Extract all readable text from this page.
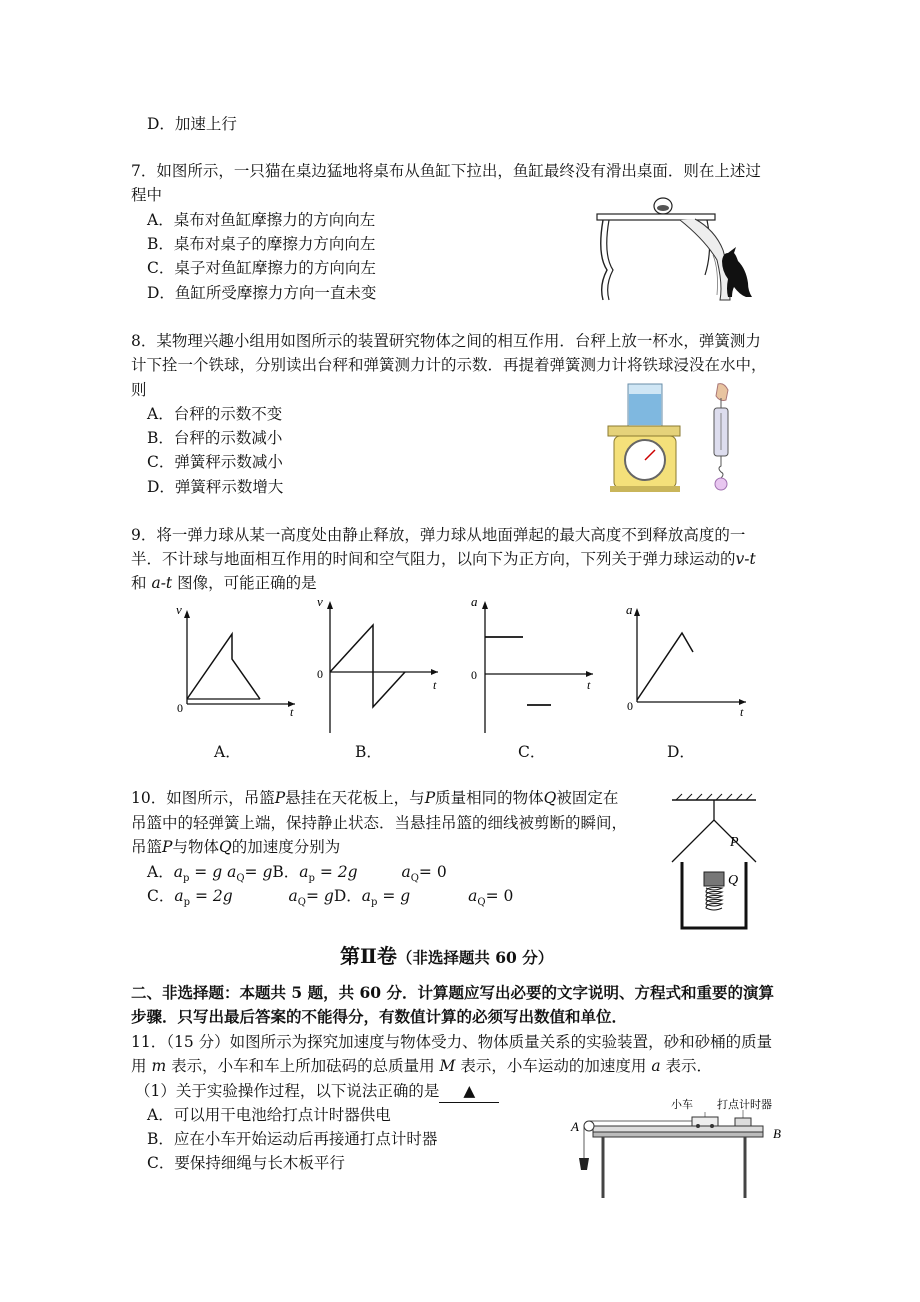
D．加速上行
7．如图所示，一只猫在桌边猛地将桌布从鱼缸下拉出，鱼缸最终没有滑出桌面．则在上述过
程中
A．桌布对鱼缸摩擦力的方向向左
B．桌布对桌子的摩擦力方向向左
C．桌子对鱼缸摩擦力的方向向左
D．鱼缸所受摩擦力方向一直未变
8．某物理兴趣小组用如图所示的装置研究物体之间的相互作用．台秤上放一杯水，弹簧测力
计下拴一个铁球，分别读出台秤和弹簧测力计的示数．再提着弹簧测力计将铁球浸没在水中，
则
A．台秤的示数不变
B．台秤的示数减小
C．弹簧秤示数减小
D．弹簧秤示数增大
9．将一弹力球从某一高度处由静止释放，弹力球从地面弹起的最大高度不到释放高度的一
半．不计球与地面相互作用的时间和空气阻力，以向下为正方向，下列关于弹力球运动的v-t
和 a-t 图像，可能正确的是
v
0	t
A．
v
0
t
B．
a
0
t
C．
a
0	t
D．
10．如图所示，吊篮P悬挂在天花板上，与P质量相同的物体Q被固定在
吊篮中的轻弹簧上端，保持静止状态．当悬挂吊篮的细线被剪断的瞬间，
吊篮P与物体Q的加速度分别为
A．$a_p = g$ $a_Q=$ gB．$a_p = 2g$	$a_Q= 0$
C．$a_p = 2g$	$a_Q=$ gD．$a_p = g$	$a_Q= 0$
P
Q
第Ⅱ卷（非选择题共 60 分）
二、非选择题：本题共 5 题，共 60 分．计算题应写出必要的文字说明、方程式和重要的演算
步骤．只写出最后答案的不能得分，有数值计算的必须写出数值和单位．
11．（15 分）如图所示为探究加速度与物体受力、物体质量关系的实验装置，砂和砂桶的质量
用 m 表示，小车和车上所加砝码的总质量用 M 表示，小车运动的加速度用 a 表示．
（1）关于实验操作过程，以下说法正确的是 ▲
A．可以用干电池给打点计时器供电
B．应在小车开始运动后再接通打点计时器
C．要保持细绳与长木板平行
小车 打点计时器
A	B
